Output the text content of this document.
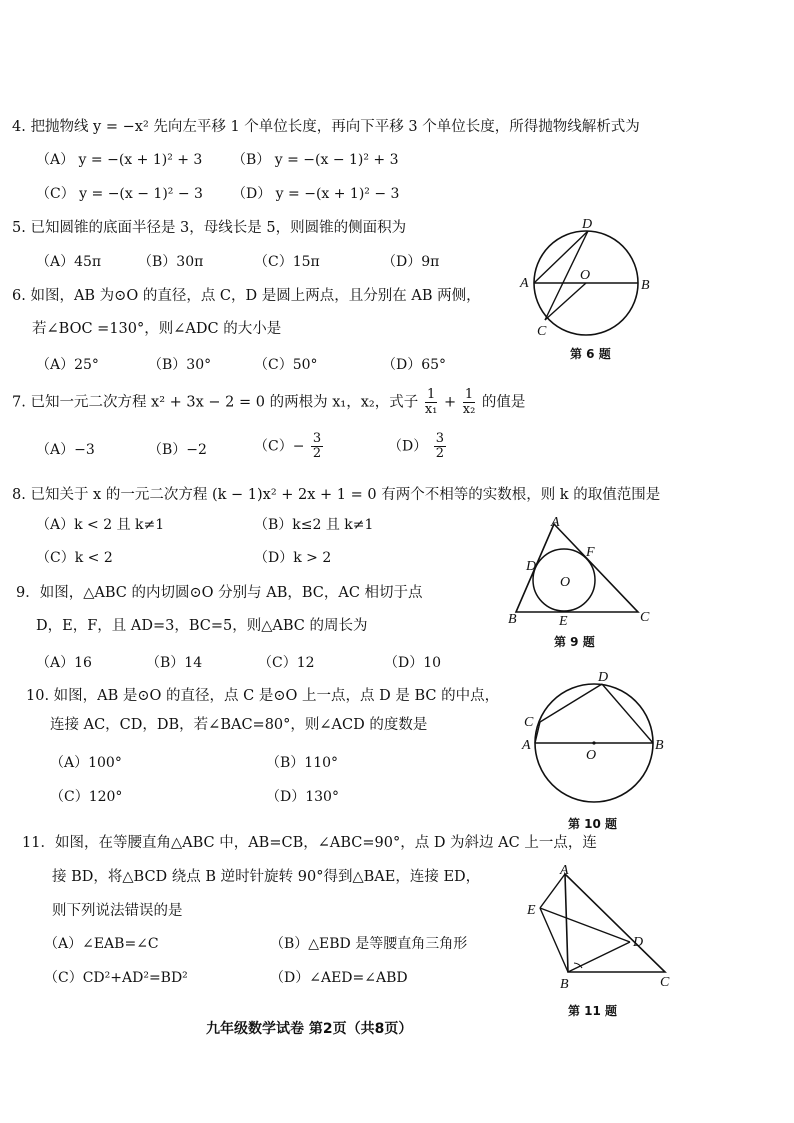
4. 把抛物线 y = −x² 先向左平移 1 个单位长度，再向下平移 3 个单位长度，所得抛物线解析式为
（A） y = −(x + 1)² + 3 （B） y = −(x − 1)² + 3
（C） y = −(x − 1)² − 3 （D） y = −(x + 1)² − 3
5. 已知圆锥的底面半径是 3，母线长是 5，则圆锥的侧面积为
（A）45π	（B）30π	（C）15π	（D）9π
6. 如图，AB 为⊙O 的直径，点 C，D 是圆上两点，且分别在 AB 两侧，
若∠BOC =130°，则∠ADC 的大小是
（A）25°	（B）30°	（C）50°	（D）65°
D
A	B
O
C
第 6 题
7. 已知一元二次方程 x² + 3x − 2 = 0 的两根为 x₁，x₂，式子 $\frac{1}{\text{x₁}} + \frac{1}{\text{x₂}}$ 的值是
（A）−3	（B）−2	$(C)- \frac{3}{2}$	$(D) \frac{3}{2}$
8. 已知关于 x 的一元二次方程 (k − 1)x² + 2x + 1 = 0 有两个不相等的实数根，则 k 的取值范围是
（A）k < 2 且 k≠1	（B）k≤2 且 k≠1
（C）k < 2	（D）k > 2
A
F
D
O
B	E	C
第 9 题
9．如图，△ABC 的内切圆⊙O 分别与 AB，BC，AC 相切于点
D，E，F，且 AD=3，BC=5，则△ABC 的周长为
（A）16	（B）14	（C）12	（D）10
10. 如图，AB 是⊙O 的直径，点 C 是⊙O 上一点，点 D 是 BC 的中点，
连接 AC，CD，DB，若∠BAC=80°，则∠ACD 的度数是
（A）100°	（B）110°
（C）120°	（D）130°
D
C
A	B
O
第 10 题
11．如图，在等腰直角△ABC 中，AB=CB，∠ABC=90°，点 D 为斜边 AC 上一点，连
接 BD，将△BCD 绕点 B 逆时针旋转 90°得到△BAE，连接 ED，
则下列说法错误的是
（A）∠EAB=∠C	（B）△EBD 是等腰直角三角形
（C）CD²+AD²=BD²	（D）∠AED=∠ABD
A
E
D
B	C
第 11 题
九年级数学试卷 第2页（共8页）
